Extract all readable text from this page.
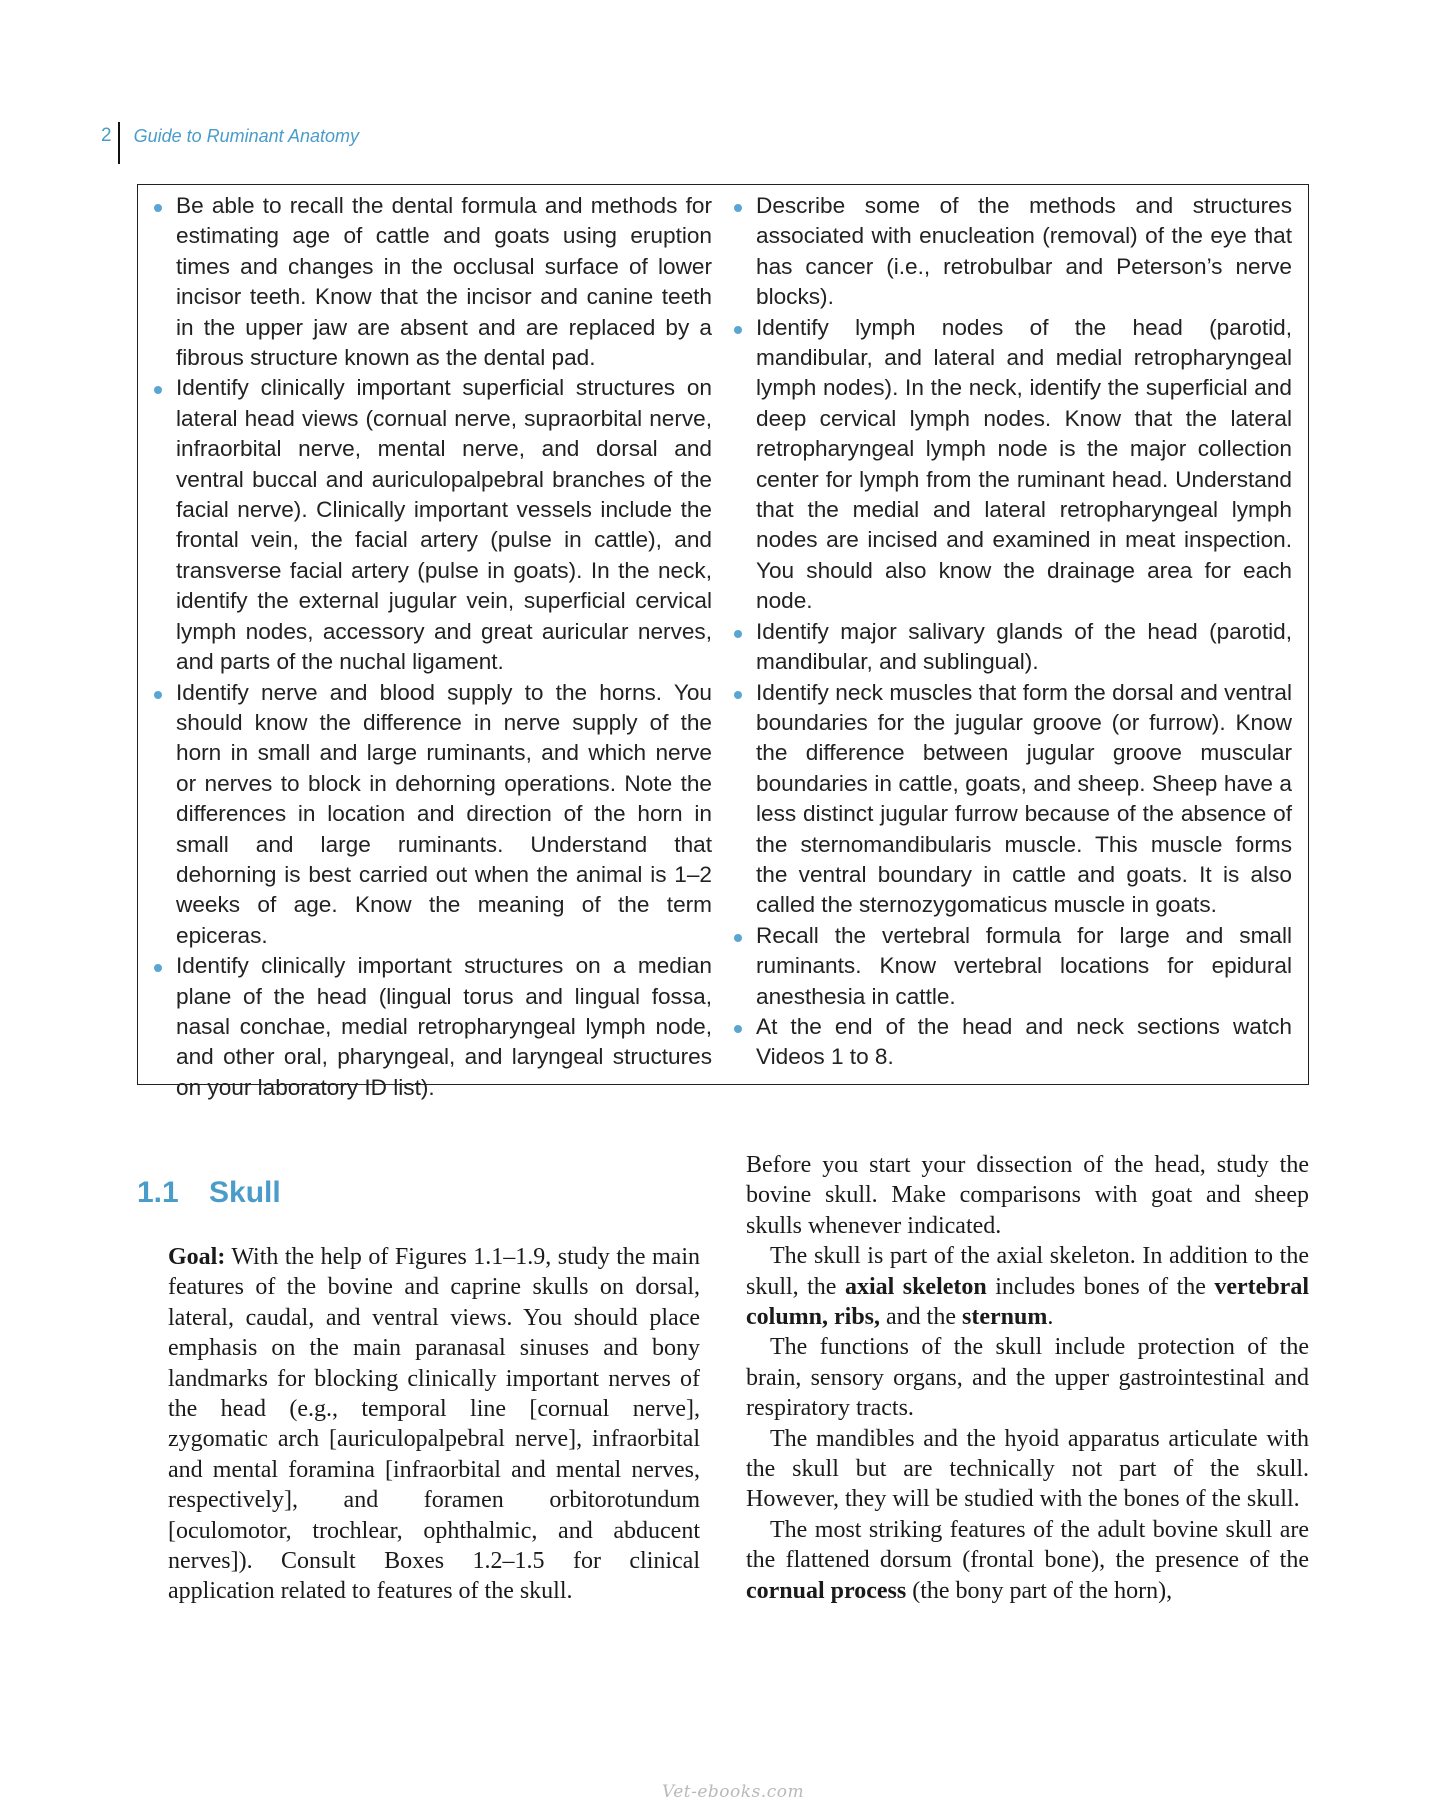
2	Guide to Ruminant Anatomy
Be able to recall the dental formula and methods for estimating age of cattle and goats using eruption times and changes in the occlusal surface of lower incisor teeth. Know that the incisor and canine teeth in the upper jaw are absent and are replaced by a fibrous structure known as the dental pad.
Identify clinically important superficial structures on lateral head views (cornual nerve, supraorbital nerve, infraorbital nerve, mental nerve, and dorsal and ventral buccal and auriculopalpebral branches of the facial nerve). Clinically important vessels include the frontal vein, the facial artery (pulse in cattle), and transverse facial artery (pulse in goats). In the neck, identify the external jugular vein, superficial cervical lymph nodes, accessory and great auricular nerves, and parts of the nuchal ligament.
Identify nerve and blood supply to the horns. You should know the difference in nerve supply of the horn in small and large ruminants, and which nerve or nerves to block in dehorning operations. Note the differences in location and direction of the horn in small and large ruminants. Understand that dehorning is best carried out when the animal is 1–2 weeks of age. Know the meaning of the term epiceras.
Identify clinically important structures on a median plane of the head (lingual torus and lingual fossa, nasal conchae, medial retropharyngeal lymph node, and other oral, pharyngeal, and laryngeal structures on your laboratory ID list).
Describe some of the methods and structures associated with enucleation (removal) of the eye that has cancer (i.e., retrobulbar and Peterson’s nerve blocks).
Identify lymph nodes of the head (parotid, mandibular, and lateral and medial retropharyngeal lymph nodes). In the neck, identify the superficial and deep cervical lymph nodes. Know that the lateral retropharyngeal lymph node is the major collection center for lymph from the ruminant head. Understand that the medial and lateral retropharyngeal lymph nodes are incised and examined in meat inspection. You should also know the drainage area for each node.
Identify major salivary glands of the head (parotid, mandibular, and sublingual).
Identify neck muscles that form the dorsal and ventral boundaries for the jugular groove (or furrow). Know the difference between jugular groove muscular boundaries in cattle, goats, and sheep. Sheep have a less distinct jugular furrow because of the absence of the sternomandibularis muscle. This muscle forms the ventral boundary in cattle and goats. It is also called the sternozygomaticus muscle in goats.
Recall the vertebral formula for large and small ruminants. Know vertebral locations for epidural anesthesia in cattle.
At the end of the head and neck sections watch Videos 1 to 8.
1.1	Skull

Goal: With the help of Figures 1.1–1.9, study the main features of the bovine and caprine skulls on dorsal, lateral, caudal, and ventral views. You should place emphasis on the main paranasal sinuses and bony landmarks for blocking clinically important nerves of the head (e.g., temporal line [cornual nerve], zygomatic arch [auriculopalpebral nerve], infraorbital and mental foramina [infraorbital and mental nerves, respectively], and foramen orbitorotundum [oculomotor, trochlear, ophthalmic, and abducent nerves]). Consult Boxes 1.2–1.5 for clinical application related to features of the skull.

Before you start your dissection of the head, study the bovine skull. Make comparisons with goat and sheep skulls whenever indicated.

The skull is part of the axial skeleton. In addition to the skull, the axial skeleton includes bones of the vertebral column, ribs, and the sternum.

The functions of the skull include protection of the brain, sensory organs, and the upper gastrointestinal and respiratory tracts.

The mandibles and the hyoid apparatus articulate with the skull but are technically not part of the skull. However, they will be studied with the bones of the skull.

The most striking features of the adult bovine skull are the flattened dorsum (frontal bone), the presence of the cornual process (the bony part of the horn),

Vet-ebooks.com
